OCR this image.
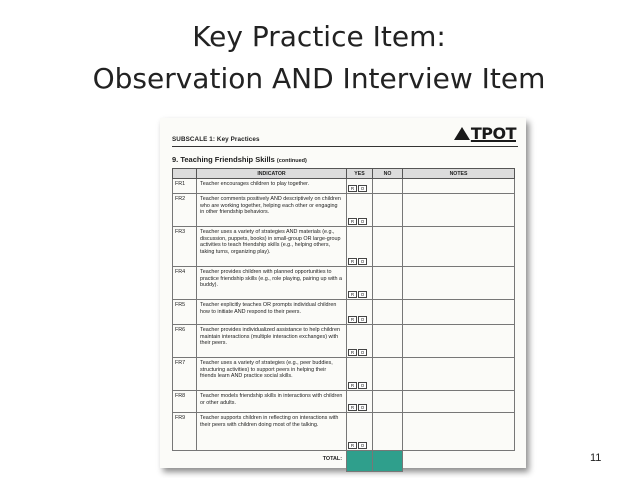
Key Practice Item:
Observation AND Interview Item
SUBSCALE 1: Key Practices	TPOT
9. Teaching Friendship Skills (continued)
	INDICATOR	YES	NO	NOTES
FR1	Teacher encourages children to play together.	R O		

FR2	Teacher comments positively AND descriptively on children who are working together, helping each other or engaging in other friendship behaviors.	R O		

FR3	Teacher uses a variety of strategies AND materials (e.g., discussion, puppets, books) in small-group OR large-group activities to teach friendship skills (e.g., helping others, taking turns, organizing play).	R O		

FR4	Teacher provides children with planned opportunities to practice friendship skills (e.g., role playing, pairing up with a buddy).	R O		

FR5	Teacher explicitly teaches OR prompts individual children how to initiate AND respond to their peers.	R O		

FR6	Teacher provides individualized assistance to help children maintain interactions (multiple interaction exchanges) with their peers.	R O		

FR7	Teacher uses a variety of strategies (e.g., peer buddies, structuring activities) to support peers in helping their friends learn AND practice social skills.	R O		

FR8	Teacher models friendship skills in interactions with children or other adults.	R O		

FR9	Teacher supports children in reflecting on interactions with their peers with children doing most of the talking.	R O		

	TOTAL:				11
